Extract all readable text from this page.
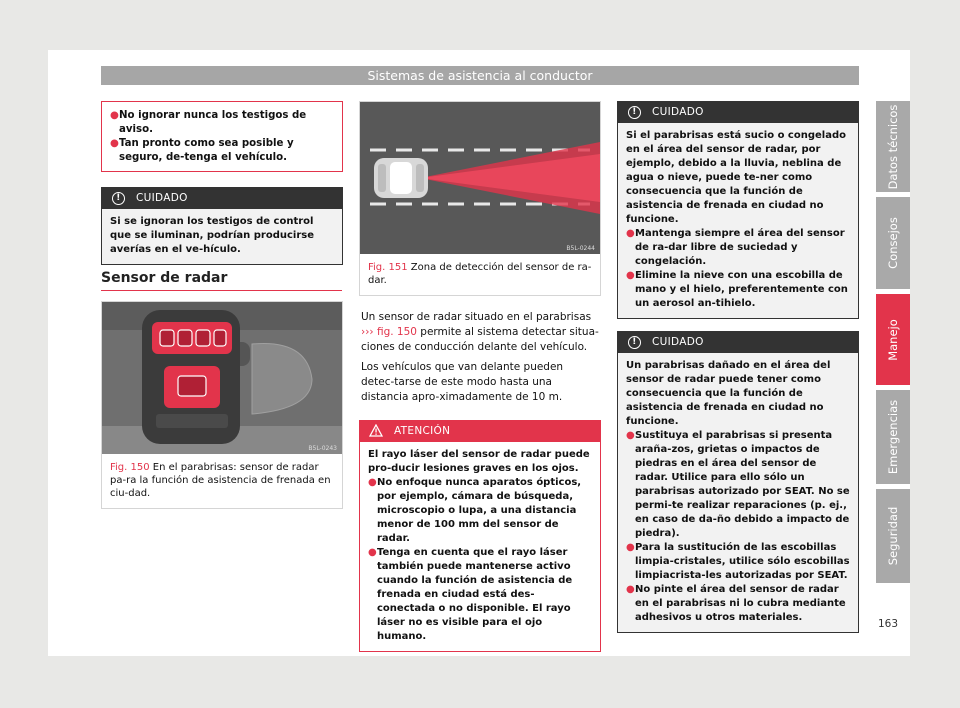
Sistemas de asistencia al conductor
● No ignorar nunca los testigos de aviso.
● Tan pronto como sea posible y seguro, de-tenga el vehículo.
!	CUIDADO

Si se ignoran los testigos de control que se iluminan, podrían producirse averías en el ve-hículo.

Sensor de radar
B5L-0243
Fig. 150 En el parabrisas: sensor de radar pa-ra la función de asistencia de frenada en ciu-dad.
B5L-0244
Fig. 151 Zona de detección del sensor de ra-dar.

Un sensor de radar situado en el parabrisas ››› fig. 150 permite al sistema detectar situa-ciones de conducción delante del vehículo.

Los vehículos que van delante pueden detec-tarse de este modo hasta una distancia apro-ximadamente de 10 m.

ATENCIÓN

El rayo láser del sensor de radar puede pro-ducir lesiones graves en los ojos.

● No enfoque nunca aparatos ópticos, por ejemplo, cámara de búsqueda, microscopio o lupa, a una distancia menor de 100 mm del sensor de radar.
● Tenga en cuenta que el rayo láser también puede mantenerse activo cuando la función de asistencia de frenada en ciudad está des-conectada o no disponible. El rayo láser no es visible para el ojo humano.
!	CUIDADO

Si el parabrisas está sucio o congelado en el área del sensor de radar, por ejemplo, debido a la lluvia, neblina de agua o nieve, puede te-ner como consecuencia que la función de asistencia de frenada en ciudad no funcione.

● Mantenga siempre el área del sensor de ra-dar libre de suciedad y congelación.
● Elimine la nieve con una escobilla de mano y el hielo, preferentemente con un aerosol an-tihielo.
!	CUIDADO

Un parabrisas dañado en el área del sensor de radar puede tener como consecuencia que la función de asistencia de frenada en ciudad no funcione.

● Sustituya el parabrisas si presenta araña-zos, grietas o impactos de piedras en el área del sensor de radar. Utilice para ello sólo un parabrisas autorizado por SEAT. No se permi-te realizar reparaciones (p. ej., en caso de da-ño debido a impacto de piedra).
● Para la sustitución de las escobillas limpia-cristales, utilice sólo escobillas limpiacrista-les autorizadas por SEAT.
● No pinte el área del sensor de radar en el parabrisas ni lo cubra mediante adhesivos u otros materiales.
Datos técnicos
Consejos
Manejo
Emergencias
Seguridad
163
